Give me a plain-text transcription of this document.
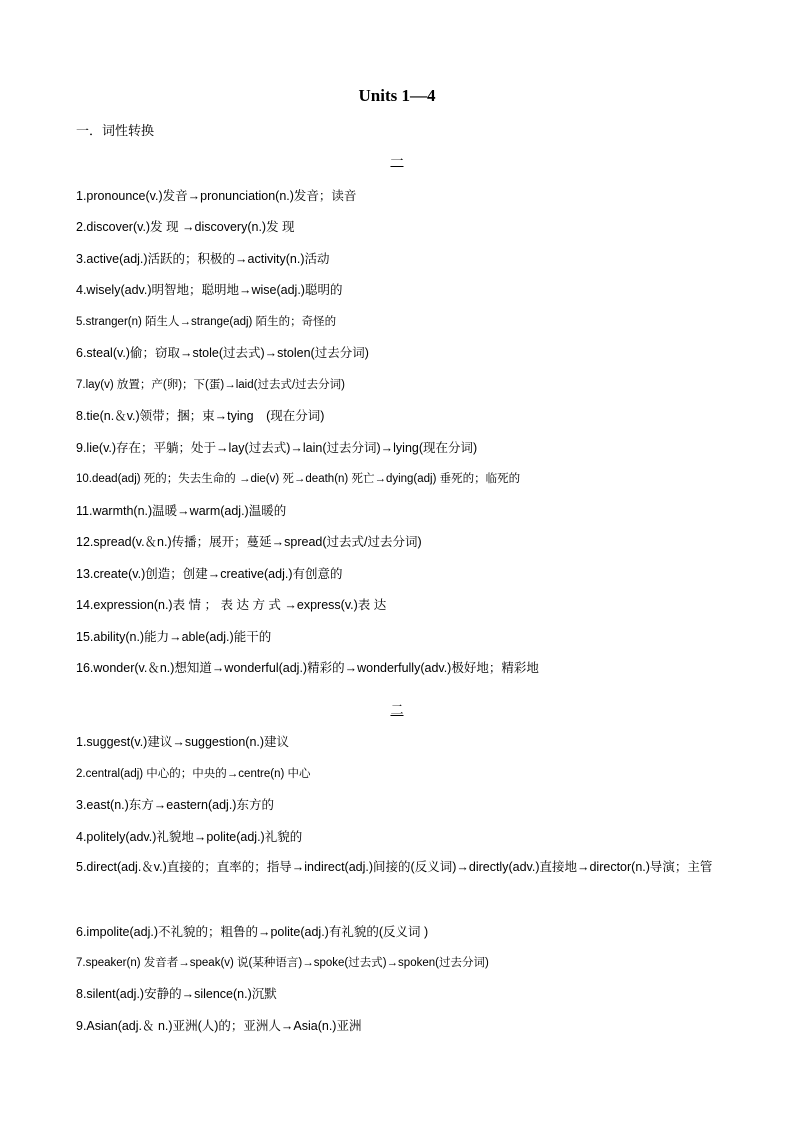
Units 1—4
一．词性转换
一
1.pronounce(v.)发音→pronunciation(n.)发音；读音
2.discover(v.)发 现 →discovery(n.)发 现
3.active(adj.)活跃的；积极的→activity(n.)活动
4.wisely(adv.)明智地；聪明地→wise(adj.)聪明的
5.stranger(n) 陌生人→strange(adj) 陌生的；奇怪的
6.steal(v.)偷；窃取→stole(过去式)→stolen(过去分词)
7.lay(v) 放置；产(卵)；下(蛋)→laid(过去式/过去分词)
8.tie(n.＆v.)领带；捆；束→tying　(现在分词)
9.lie(v.)存在；平躺；处于→lay(过去式)→lain(过去分词)→lying(现在分词)
10.dead(adj) 死的；失去生命的 →die(v) 死→death(n) 死亡→dying(adj) 垂死的；临死的
11.warmth(n.)温暖→warm(adj.)温暖的
12.spread(v.＆n.)传播；展开；蔓延→spread(过去式/过去分词)
13.create(v.)创造；创建→creative(adj.)有创意的
14.expression(n.)表 情 ； 表 达 方 式 →express(v.)表 达
15.ability(n.)能力→able(adj.)能干的
16.wonder(v.＆n.)想知道→wonderful(adj.)精彩的→wonderfully(adv.)极好地；精彩地
二
1.suggest(v.)建议→suggestion(n.)建议
2.central(adj) 中心的；中央的→centre(n) 中心
3.east(n.)东方→eastern(adj.)东方的
4.politely(adv.)礼貌地→polite(adj.)礼貌的
5.direct(adj.＆v.)直接的；直率的；指导→indirect(adj.)间接的(反义词)→directly(adv.)直接地→director(n.)导演；主管
6.impolite(adj.)不礼貌的；粗鲁的→polite(adj.)有礼貌的(反义词 )
7.speaker(n) 发音者→speak(v) 说(某种语言)→spoke(过去式)→spoken(过去分词)
8.silent(adj.)安静的→silence(n.)沉默
9.Asian(adj.＆ n.)亚洲(人)的；亚洲人→Asia(n.)亚洲
